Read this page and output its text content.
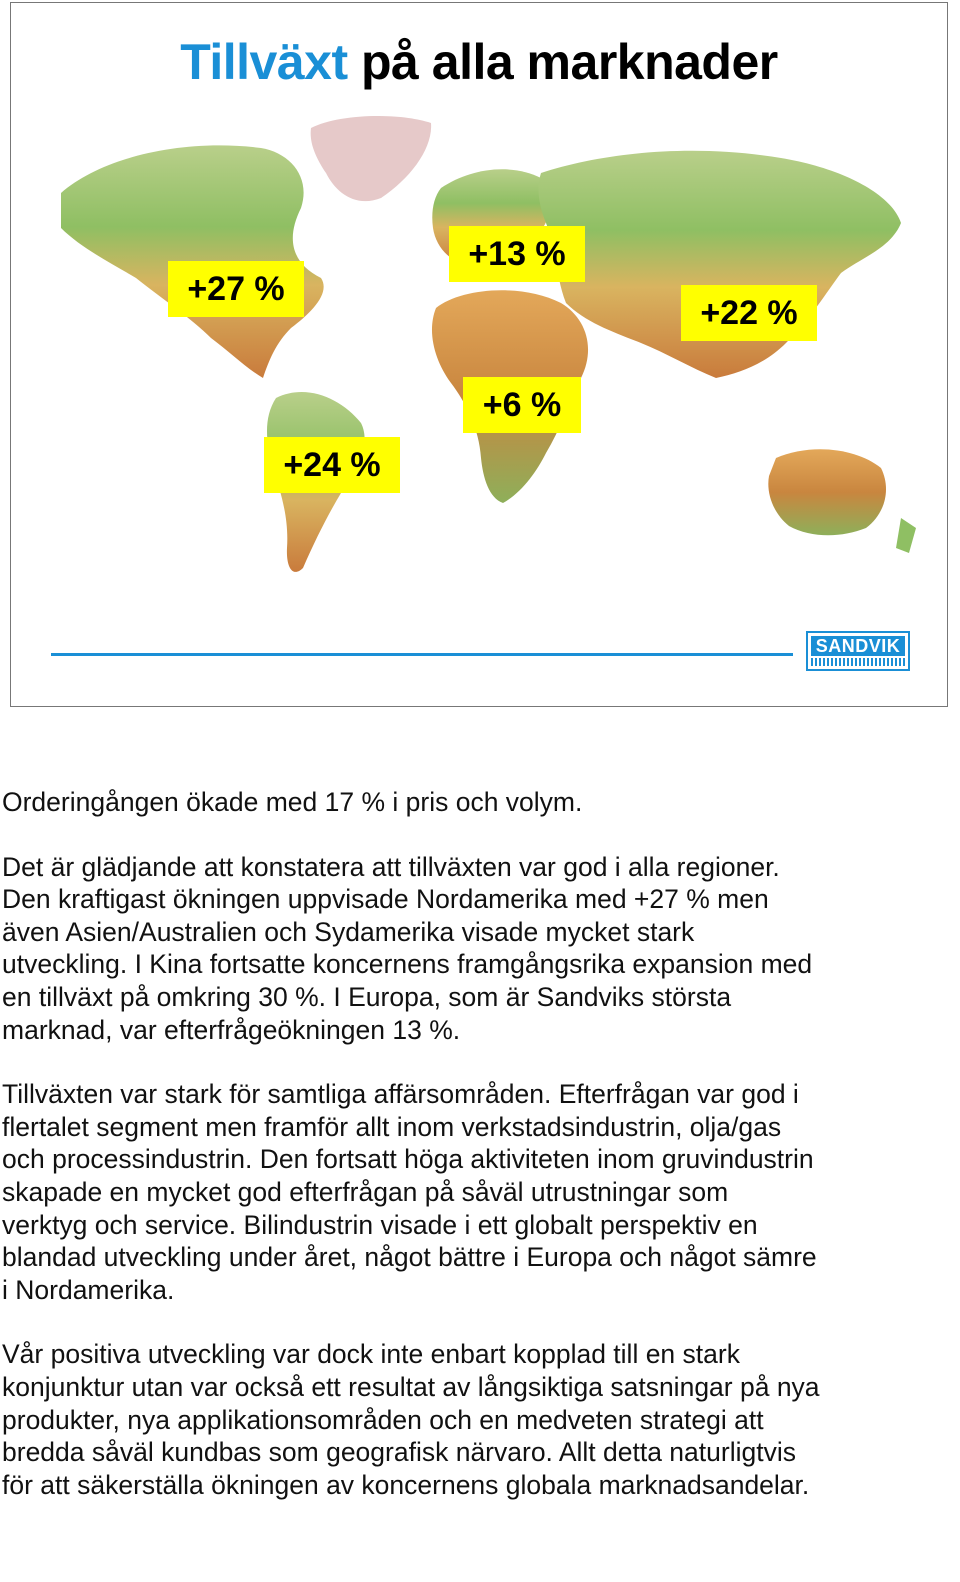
Tillväxt på alla marknader
+27 %
+13 %
+22 %
+6 %
+24 %
SANDVIK

Orderingången ökade med 17 % i pris och volym.

Det är glädjande att konstatera att tillväxten var god i alla regioner.
Den kraftigast ökningen uppvisade Nordamerika med +27 % men
även Asien/Australien och Sydamerika visade mycket stark
utveckling. I Kina fortsatte koncernens framgångsrika expansion med
en tillväxt på omkring 30 %. I Europa, som är Sandviks största
marknad, var efterfrågeökningen 13 %.

Tillväxten var stark för samtliga affärsområden. Efterfrågan var god i
flertalet segment men framför allt inom verkstadsindustrin, olja/gas
och processindustrin. Den fortsatt höga aktiviteten inom gruvindustrin
skapade en mycket god efterfrågan på såväl utrustningar som
verktyg och service. Bilindustrin visade i ett globalt perspektiv en
blandad utveckling under året, något bättre i Europa och något sämre
i Nordamerika.

Vår positiva utveckling var dock inte enbart kopplad till en stark
konjunktur utan var också ett resultat av långsiktiga satsningar på nya
produkter, nya applikationsområden och en medveten strategi att
bredda såväl kundbas som geografisk närvaro. Allt detta naturligtvis
för att säkerställa ökningen av koncernens globala marknadsandelar.
